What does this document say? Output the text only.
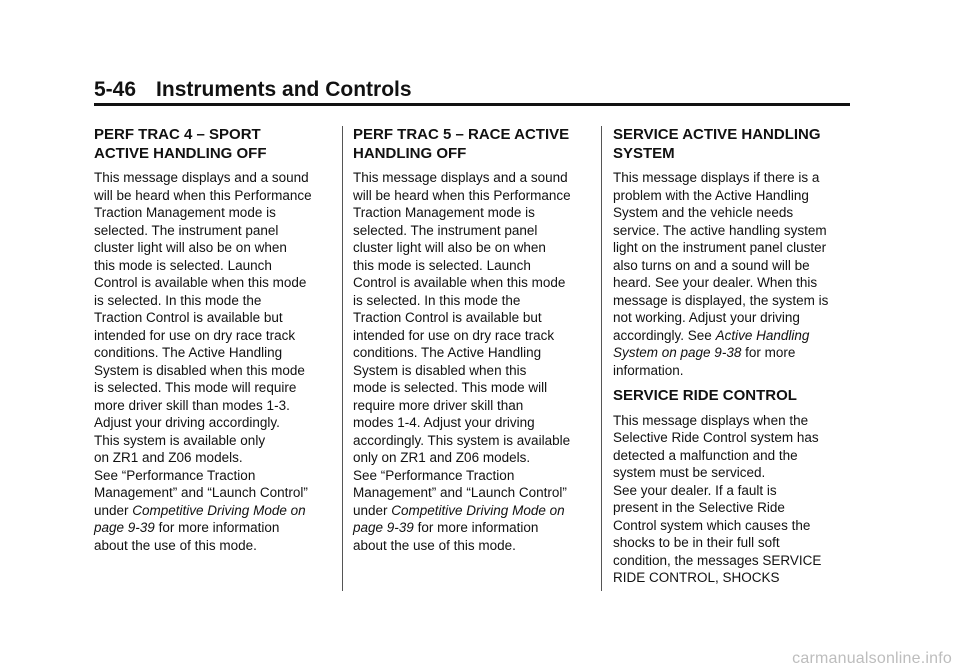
5-46 Instruments and Controls
PERF TRAC 4 – SPORT
ACTIVE HANDLING OFF

This message displays and a sound
will be heard when this Performance
Traction Management mode is
selected. The instrument panel
cluster light will also be on when
this mode is selected. Launch
Control is available when this mode
is selected. In this mode the
Traction Control is available but
intended for use on dry race track
conditions. The Active Handling
System is disabled when this mode
is selected. This mode will require
more driver skill than modes 1-3.
Adjust your driving accordingly.
This system is available only
on ZR1 and Z06 models.
See “Performance Traction
Management” and “Launch Control”
under Competitive Driving Mode on
page 9-39 for more information
about the use of this mode.

PERF TRAC 5 – RACE ACTIVE
HANDLING OFF

This message displays and a sound
will be heard when this Performance
Traction Management mode is
selected. The instrument panel
cluster light will also be on when
this mode is selected. Launch
Control is available when this mode
is selected. In this mode the
Traction Control is available but
intended for use on dry race track
conditions. The Active Handling
System is disabled when this
mode is selected. This mode will
require more driver skill than
modes 1-4. Adjust your driving
accordingly. This system is available
only on ZR1 and Z06 models.
See “Performance Traction
Management” and “Launch Control”
under Competitive Driving Mode on
page 9-39 for more information
about the use of this mode.

SERVICE ACTIVE HANDLING
SYSTEM

This message displays if there is a
problem with the Active Handling
System and the vehicle needs
service. The active handling system
light on the instrument panel cluster
also turns on and a sound will be
heard. See your dealer. When this
message is displayed, the system is
not working. Adjust your driving
accordingly. See Active Handling
System on page 9-38 for more
information.

SERVICE RIDE CONTROL

This message displays when the
Selective Ride Control system has
detected a malfunction and the
system must be serviced.
See your dealer. If a fault is
present in the Selective Ride
Control system which causes the
shocks to be in their full soft
condition, the messages SERVICE
RIDE CONTROL, SHOCKS

carmanualsonline.info
